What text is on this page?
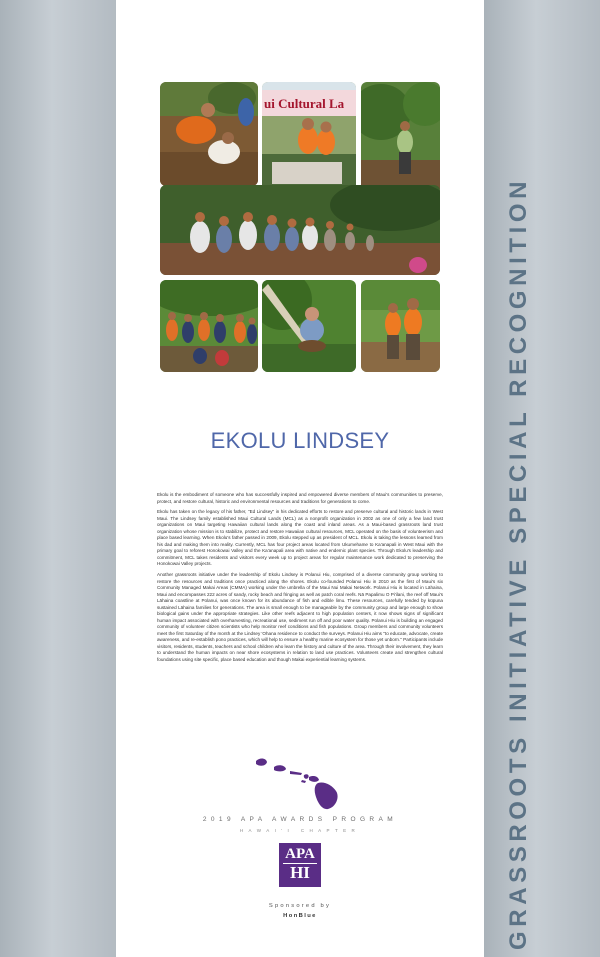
GRASSROOTS INITIATIVE SPECIAL RECOGNITION
ui Cultural La
EKOLU LINDSEY

Ekolu is the embodiment of someone who has successfully inspired and empowered diverse members of Maui's communities to preserve, protect, and restore cultural, historic and environmental resources and traditions for generations to come.

Ekolu has taken on the legacy of his father, "Ed Lindsey" in his dedicated efforts to restore and preserve cultural and historic lands in West Maui. The Lindsey family established Maui Cultural Lands (MCL) as a nonprofit organization in 2002 as one of only a few land trust organizations on Maui targeting Hawaiian cultural lands along the coast and inland areas. As a Maui-based grassroots land trust organization whose mission is to stabilize, protect and restore Hawaiian cultural resources, MCL operated on the basis of volunteerism and place based learning. When Ekolu's father passed in 2009, Ekolu stepped up as president of MCL. Ekolu is taking the lessons learned from his dad and making them into reality. Currently, MCL has four project areas located from Ukumehame to Ka'anapali in West Maui with the primary goal to reforest Honokowai Valley and the Ka'anapali area with native and endemic plant species. Through Ekolu's leadership and commitment, MCL takes residents and visitors every week up to project areas for regular maintenance work dedicated to preserving the Honokowai Valley projects.

Another grassroots initiative under the leadership of Ekolu Lindsey is Polanui Hiu, comprised of a diverse community group working to restore the resources and traditions once practiced along the shores. Ekolu co-founded Polanui Hiu in 2010 as the first of Maui's six Community Managed Makai Areas (CMMA) working under the umbrella of the Maui Nui Makai Network. Polanui Hiu is located in Lāhaina, Maui and encompasses 222 acres of sandy, rocky beach and fringing as well as patch coral reefs. Nā Papalimu O Pi'ilani, the reef off Maui's Lāhaina coastline at Polanui, was once known for its abundance of fish and edible limu. These resources, carefully tended by kūpuna sustained Lāhaina families for generations. The area is small enough to be manageable by the community group and large enough to show biological gains under the appropriate strategies. Like other reefs adjacent to high population centers, it now shows signs of significant human impact associated with overharvesting, recreational use, sediment run off and poor water quality. Polanui Hiu is building an engaged community of volunteer citizen scientists who help monitor reef conditions and fish populations. Group members and community volunteers meet the first Saturday of the month at the Lindsey 'Ohana residence to conduct the surveys. Polanui Hiu aims "to educate, advocate, create awareness, and re-establish pono practices, which will help to ensure a healthy marine ecosystem for those yet unborn." Participants include visitors, residents, students, teachers and school children who learn the history and culture of the area. Through their involvement, they learn to understand the human impacts on near shore ecosystems in relation to land use practices. Volunteers create and strengthen cultural foundations using site specific, place based education and though Makai experiential learning systems.

2019 APA AWARDS PROGRAM
HAWAI'I CHAPTER
APA
HI
Sponsored by
HonBlue
